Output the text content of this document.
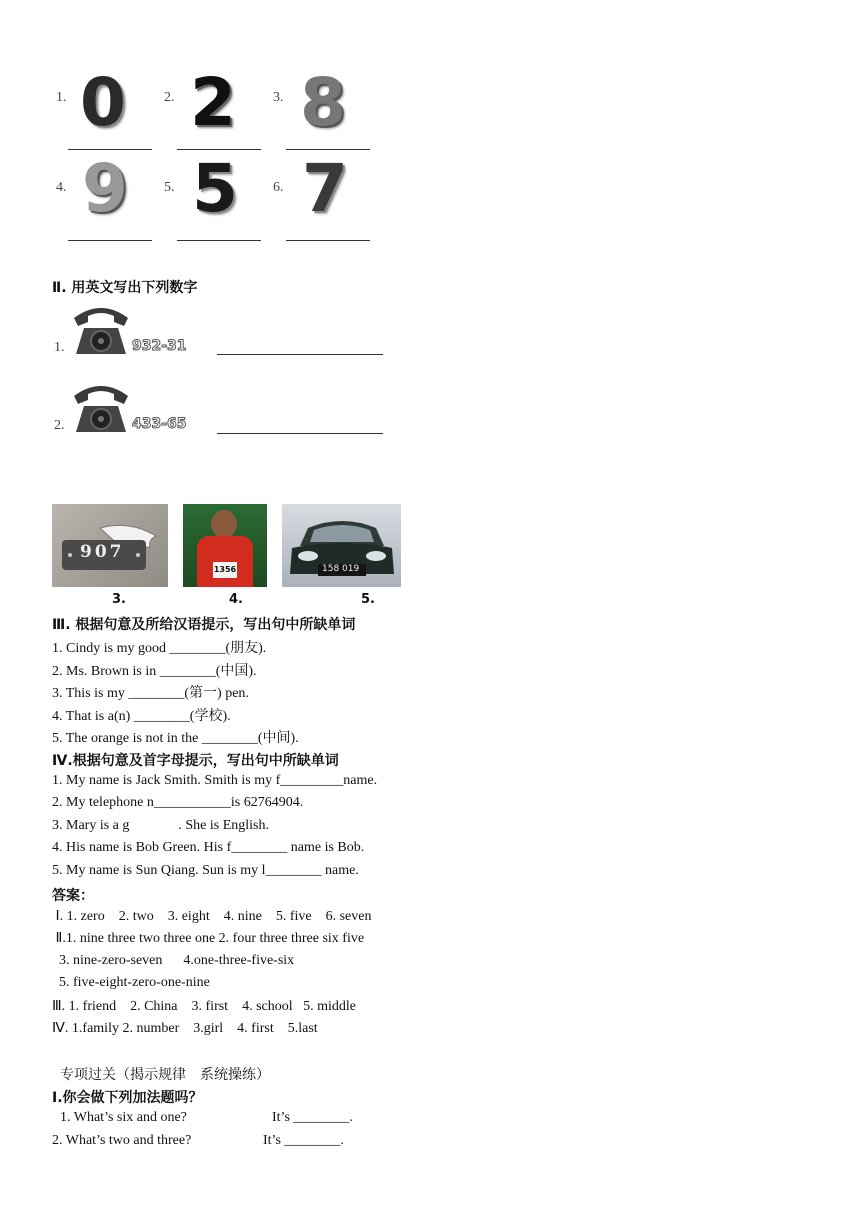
1. 0	2. 2	3. 8
4. 9	5. 5	6. 7
Ⅱ. 用英文写出下列数字
1.	932-31
2.	433-65
907
1356	158 019
3.	4.	5.
Ⅲ. 根据句意及所给汉语提示，写出句中所缺单词
1. Cindy is my good ________(朋友).
2. Ms. Brown is in ________(中国).
3. This is my ________(第一) pen.
4. That is a(n) ________(学校).
5. The orange is not in the ________(中间).
Ⅳ.根据句意及首字母提示，写出句中所缺单词
1. My name is Jack Smith. Smith is my f_________name.
2. My telephone n___________is 62764904.
3. Mary is a g              . She is English.
4. His name is Bob Green. His f________ name is Bob.
5. My name is Sun Qiang. Sun is my l________ name.
答案：
Ⅰ. 1. zero    2. two    3. eight    4. nine    5. five    6. seven
Ⅱ.1. nine three two three one 2. four three three six five
3. nine-zero-seven      4.one-three-five-six
5. five-eight-zero-one-nine
Ⅲ. 1. friend    2. China    3. first    4. school   5. middle
Ⅳ. 1.family 2. number    3.girl    4. first    5.last
专项过关（揭示规律    系统操练）
Ⅰ.你会做下列加法题吗？
1. What’s six and one?	It’s ________.
2. What’s two and three?	It’s ________.
